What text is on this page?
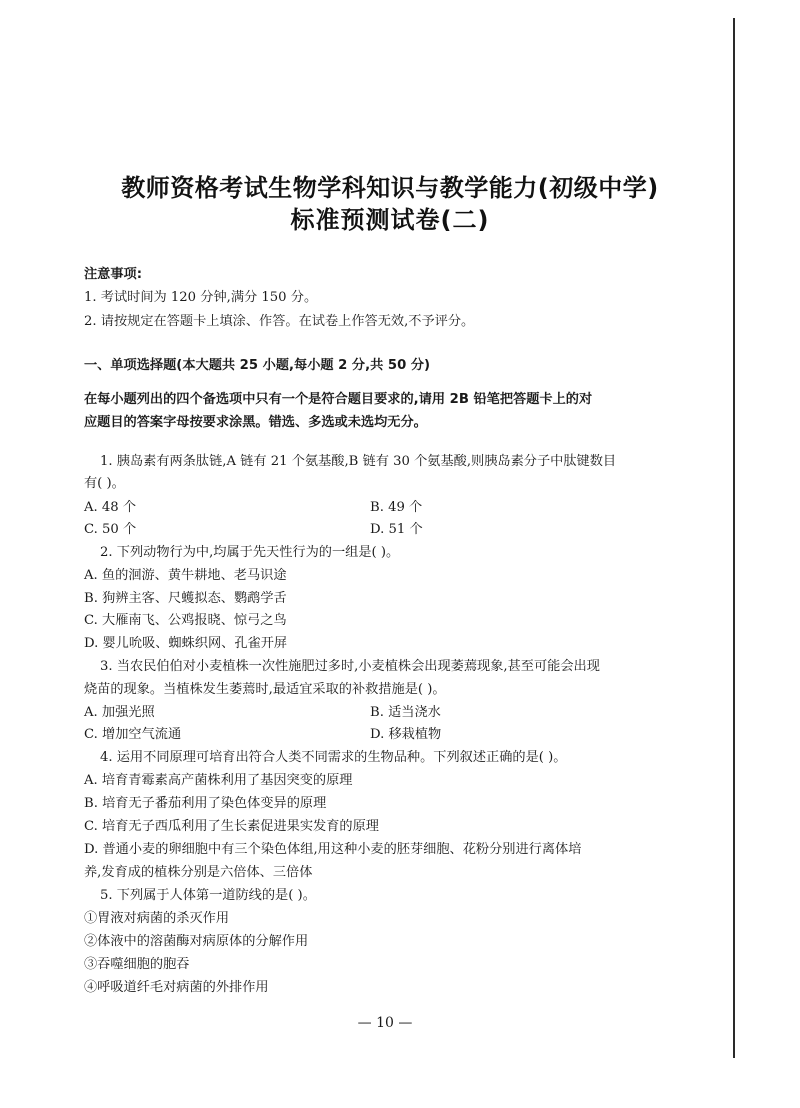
教师资格考试生物学科知识与教学能力(初级中学)
标准预测试卷(二)
注意事项:
1. 考试时间为 120 分钟,满分 150 分。
2. 请按规定在答题卡上填涂、作答。在试卷上作答无效,不予评分。
一、单项选择题(本大题共 25 小题,每小题 2 分,共 50 分)
在每小题列出的四个备选项中只有一个是符合题目要求的,请用 2B 铅笔把答题卡上的对
应题目的答案字母按要求涂黑。错选、多选或未选均无分。
1. 胰岛素有两条肽链,A 链有 21 个氨基酸,B 链有 30 个氨基酸,则胰岛素分子中肽键数目
有( )。
A. 48 个	B. 49 个
C. 50 个	D. 51 个
2. 下列动物行为中,均属于先天性行为的一组是( )。
A. 鱼的洄游、黄牛耕地、老马识途
B. 狗辨主客、尺蠖拟态、鹦鹉学舌
C. 大雁南飞、公鸡报晓、惊弓之鸟
D. 婴儿吮吸、蜘蛛织网、孔雀开屏
3. 当农民伯伯对小麦植株一次性施肥过多时,小麦植株会出现萎蔫现象,甚至可能会出现
烧苗的现象。当植株发生萎蔫时,最适宜采取的补救措施是( )。
A. 加强光照	B. 适当浇水
C. 增加空气流通	D. 移栽植物
4. 运用不同原理可培育出符合人类不同需求的生物品种。下列叙述正确的是( )。
A. 培育青霉素高产菌株利用了基因突变的原理
B. 培育无子番茄利用了染色体变异的原理
C. 培育无子西瓜利用了生长素促进果实发育的原理
D. 普通小麦的卵细胞中有三个染色体组,用这种小麦的胚芽细胞、花粉分别进行离体培
养,发育成的植株分别是六倍体、三倍体
5. 下列属于人体第一道防线的是( )。
①胃液对病菌的杀灭作用
②体液中的溶菌酶对病原体的分解作用
③吞噬细胞的胞吞
④呼吸道纤毛对病菌的外排作用
— 10 —
